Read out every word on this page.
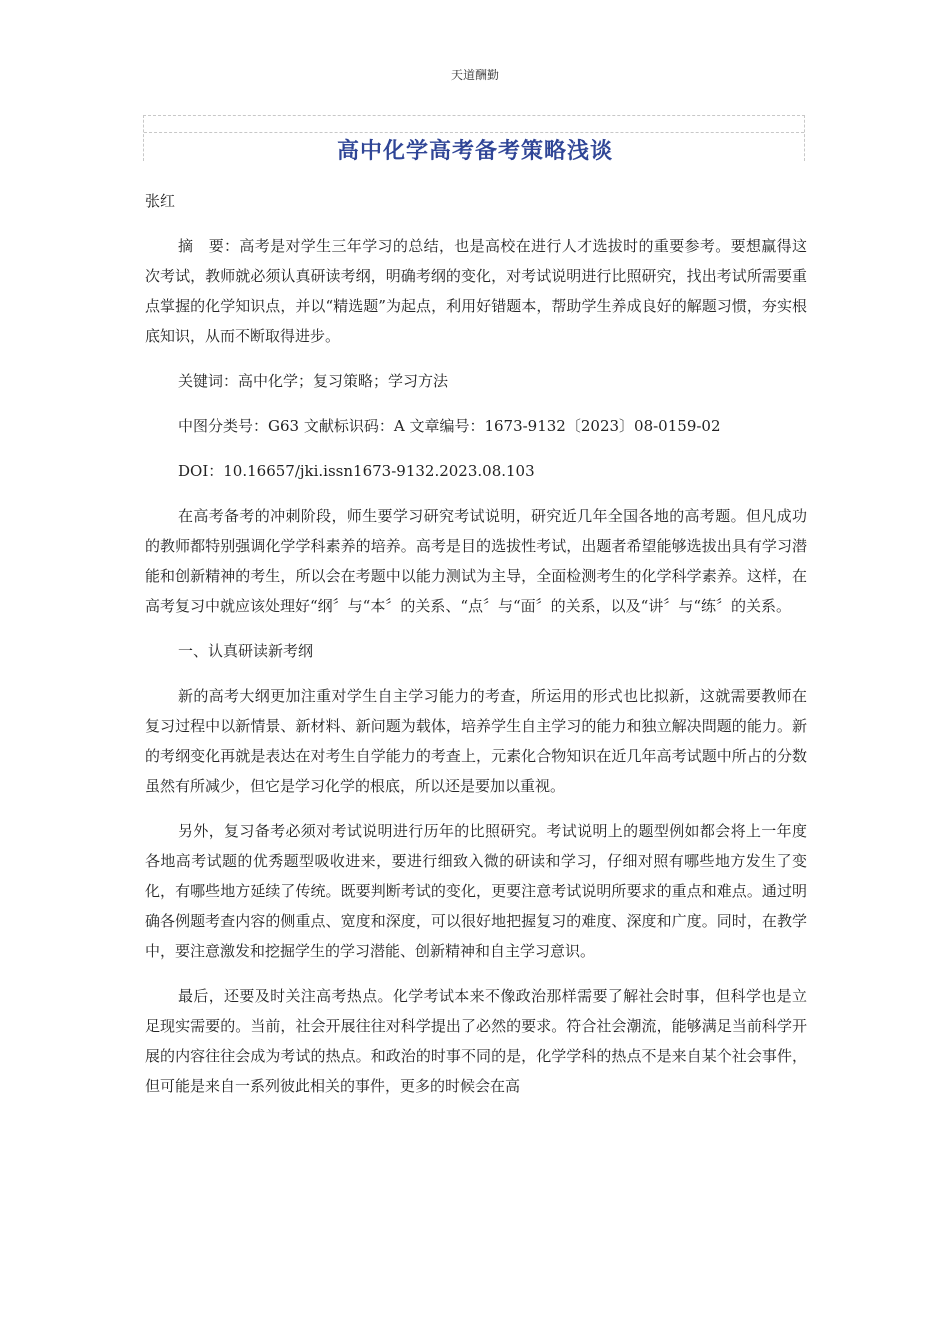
天道酬勤
高中化学高考备考策略浅谈

张红

摘　要：高考是对学生三年学习的总结，也是高校在进行人才选拔时的重要参考。要想赢得这次考试，教师就必须认真研读考纲，明确考纲的变化，对考试说明进行比照研究，找出考试所需要重点掌握的化学知识点，并以“精选题”为起点，利用好错题本，帮助学生养成良好的解题习惯，夯实根底知识，从而不断取得进步。

关键词：高中化学；复习策略；学习方法

中图分类号：G63 文献标识码：A 文章编号：1673-9132〔2023〕08-0159-02

DOI：10.16657/jki.issn1673-9132.2023.08.103

在高考备考的冲刺阶段，师生要学习研究考试说明，研究近几年全国各地的高考题。但凡成功的教师都特别强调化学学科素养的培养。高考是目的选拔性考试，出题者希望能够选拔出具有学习潜能和创新精神的考生，所以会在考题中以能力测试为主导，全面检测考生的化学科学素养。这样，在高考复习中就应该处理好“纲〞与“本〞的关系、“点〞与“面〞的关系，以及“讲〞与“练〞的关系。

一、认真研读新考纲

新的高考大纲更加注重对学生自主学习能力的考查，所运用的形式也比拟新，这就需要教师在复习过程中以新情景、新材料、新问题为载体，培养学生自主学习的能力和独立解决問题的能力。新的考纲变化再就是表达在对考生自学能力的考查上，元素化合物知识在近几年高考试题中所占的分数虽然有所减少，但它是学习化学的根底，所以还是要加以重视。

另外，复习备考必须对考试说明进行历年的比照研究。考试说明上的题型例如都会将上一年度各地高考试题的优秀题型吸收进来，要进行细致入微的研读和学习，仔细对照有哪些地方发生了变化，有哪些地方延续了传统。既要判断考试的变化，更要注意考试说明所要求的重点和难点。通过明确各例题考查内容的侧重点、宽度和深度，可以很好地把握复习的难度、深度和广度。同时，在教学中，要注意激发和挖掘学生的学习潜能、创新精神和自主学习意识。

最后，还要及时关注高考热点。化学考试本来不像政治那样需要了解社会时事，但科学也是立足现实需要的。当前，社会开展往往对科学提出了必然的要求。符合社会潮流，能够满足当前科学开展的内容往往会成为考试的热点。和政治的时事不同的是，化学学科的热点不是来自某个社会事件，但可能是来自一系列彼此相关的事件，更多的时候会在高
